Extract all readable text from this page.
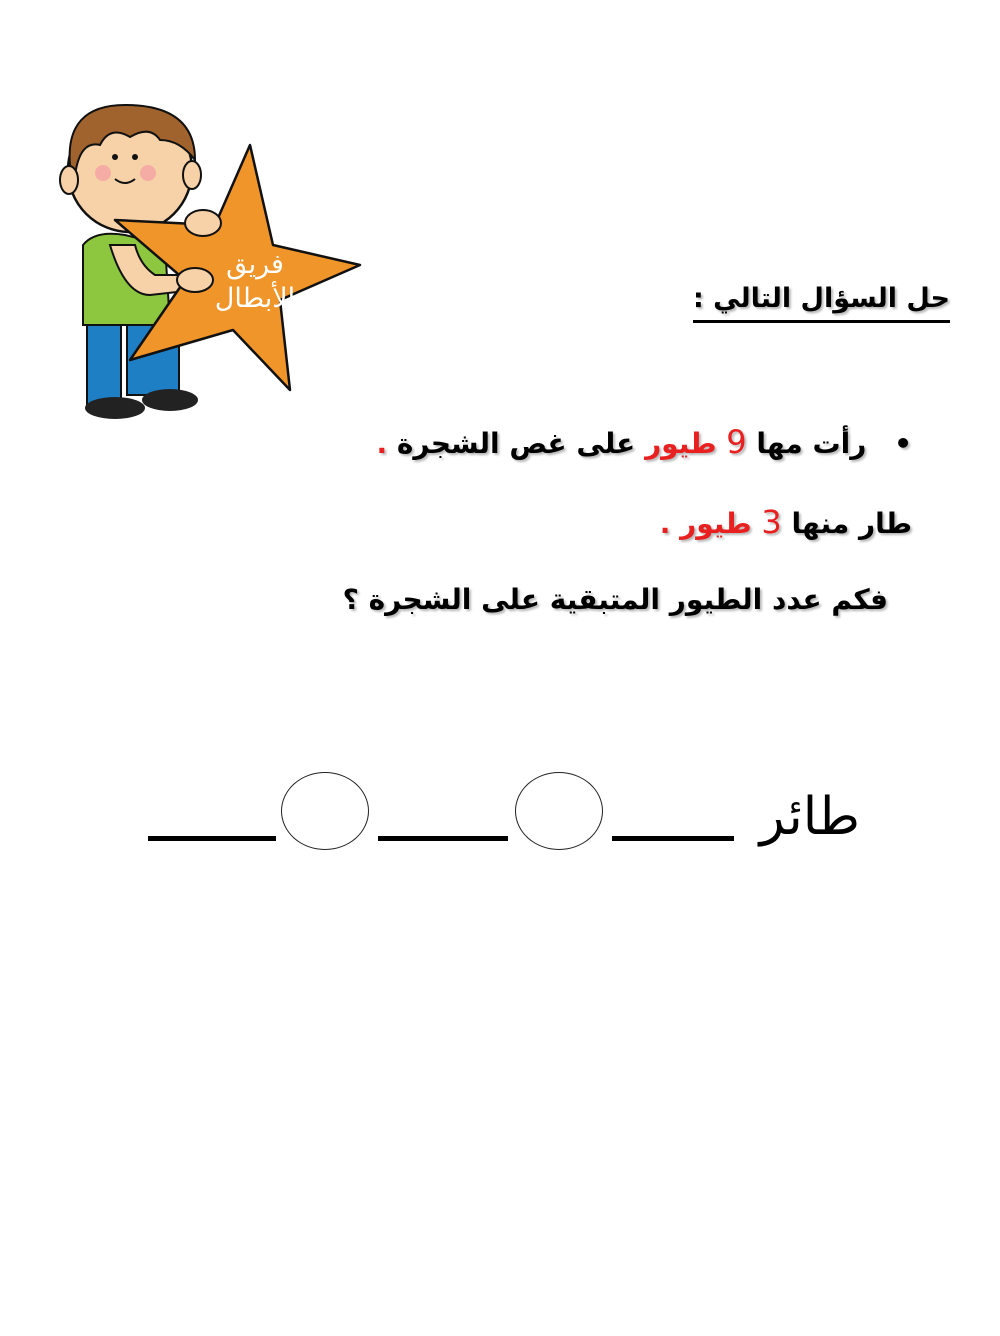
فريق الأبطال	حل السؤال التالي :
• رأت مها 9 طيور على غص الشجرة .
طار منها 3 طيور .
فكم عدد الطيور المتبقية على الشجرة ؟
طائر
